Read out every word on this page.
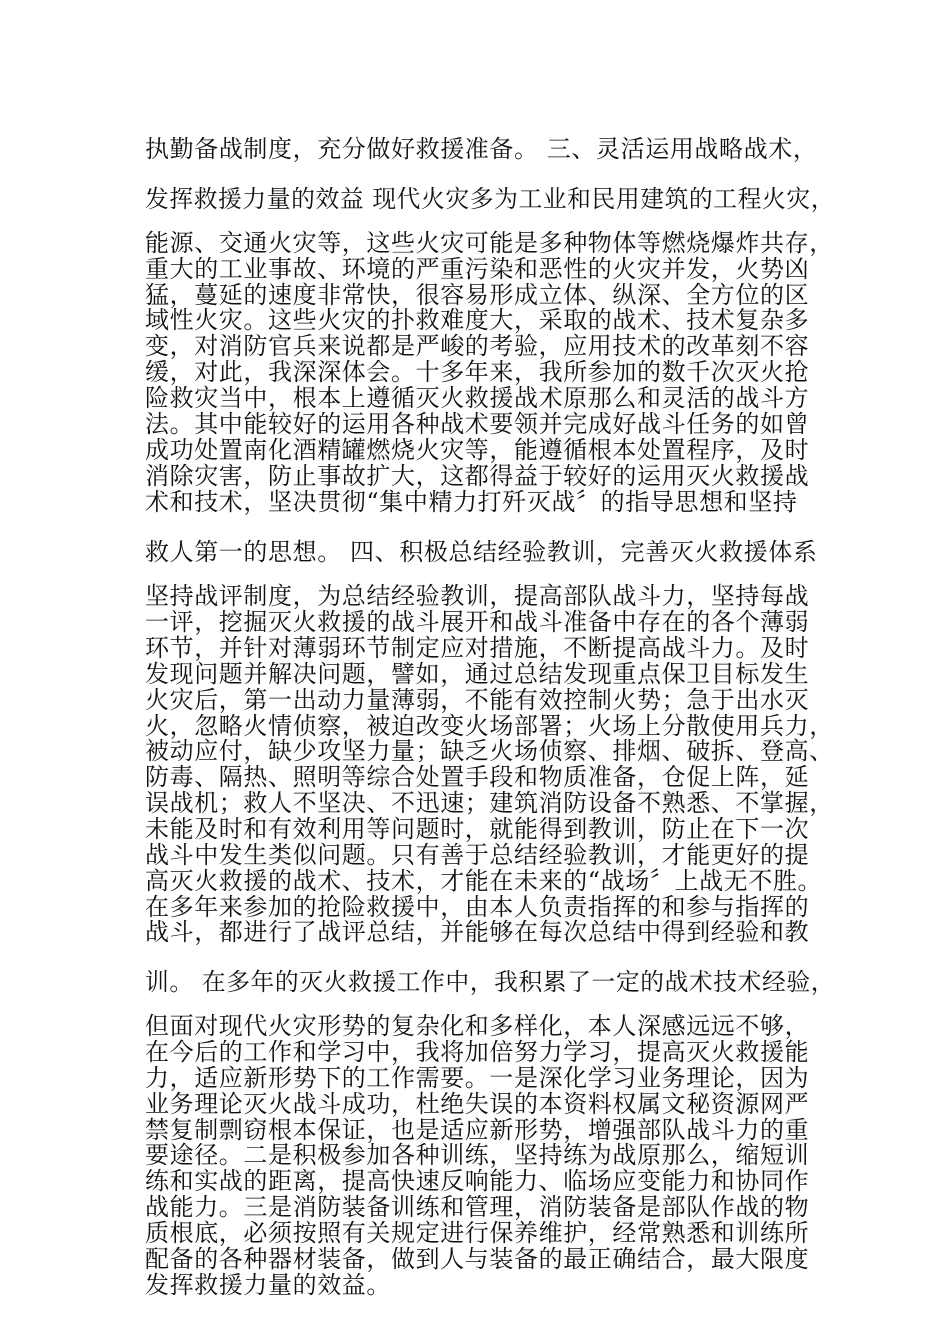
执勤备战制度，充分做好救援准备。 三、灵活运用战略战术，

发挥救援力量的效益 现代火灾多为工业和民用建筑的工程火灾，

能源、交通火灾等，这些火灾可能是多种物体等燃烧爆炸共存，

重大的工业事故、环境的严重污染和恶性的火灾并发，火势凶

猛，蔓延的速度非常快，很容易形成立体、纵深、全方位的区

域性火灾。这些火灾的扑救难度大，采取的战术、技术复杂多

变，对消防官兵来说都是严峻的考验，应用技术的改革刻不容

缓，对此，我深深体会。十多年来，我所参加的数千次灭火抢

险救灾当中，根本上遵循灭火救援战术原那么和灵活的战斗方

法。其中能较好的运用各种战术要领并完成好战斗任务的如曾

成功处置南化酒精罐燃烧火灾等，能遵循根本处置程序，及时

消除灾害，防止事故扩大，这都得益于较好的运用灭火救援战

术和技术，坚决贯彻“集中精力打歼灭战〞的指导思想和坚持

救人第一的思想。 四、积极总结经验教训，完善灭火救援体系

坚持战评制度，为总结经验教训，提高部队战斗力，坚持每战

一评，挖掘灭火救援的战斗展开和战斗准备中存在的各个薄弱

环节，并针对薄弱环节制定应对措施，不断提高战斗力。及时

发现问题并解决问题，譬如，通过总结发现重点保卫目标发生

火灾后，第一出动力量薄弱，不能有效控制火势；急于出水灭

火，忽略火情侦察，被迫改变火场部署；火场上分散使用兵力，

被动应付，缺少攻坚力量；缺乏火场侦察、排烟、破拆、登高、

防毒、隔热、照明等综合处置手段和物质准备，仓促上阵，延

误战机；救人不坚决、不迅速；建筑消防设备不熟悉、不掌握，

未能及时和有效利用等问题时，就能得到教训，防止在下一次

战斗中发生类似问题。只有善于总结经验教训，才能更好的提

高灭火救援的战术、技术，才能在未来的“战场〞上战无不胜。

在多年来参加的抢险救援中，由本人负责指挥的和参与指挥的

战斗，都进行了战评总结，并能够在每次总结中得到经验和教

训。 在多年的灭火救援工作中，我积累了一定的战术技术经验，

但面对现代火灾形势的复杂化和多样化，本人深感远远不够，

在今后的工作和学习中，我将加倍努力学习，提高灭火救援能

力，适应新形势下的工作需要。一是深化学习业务理论，因为

业务理论灭火战斗成功，杜绝失误的本资料权属文秘资源网严

禁复制剽窃根本保证，也是适应新形势，增强部队战斗力的重

要途径。二是积极参加各种训练，坚持练为战原那么，缩短训

练和实战的距离，提高快速反响能力、临场应变能力和协同作

战能力。三是消防装备训练和管理，消防装备是部队作战的物

质根底，必须按照有关规定进行保养维护，经常熟悉和训练所

配备的各种器材装备，做到人与装备的最正确结合，最大限度

发挥救援力量的效益。
